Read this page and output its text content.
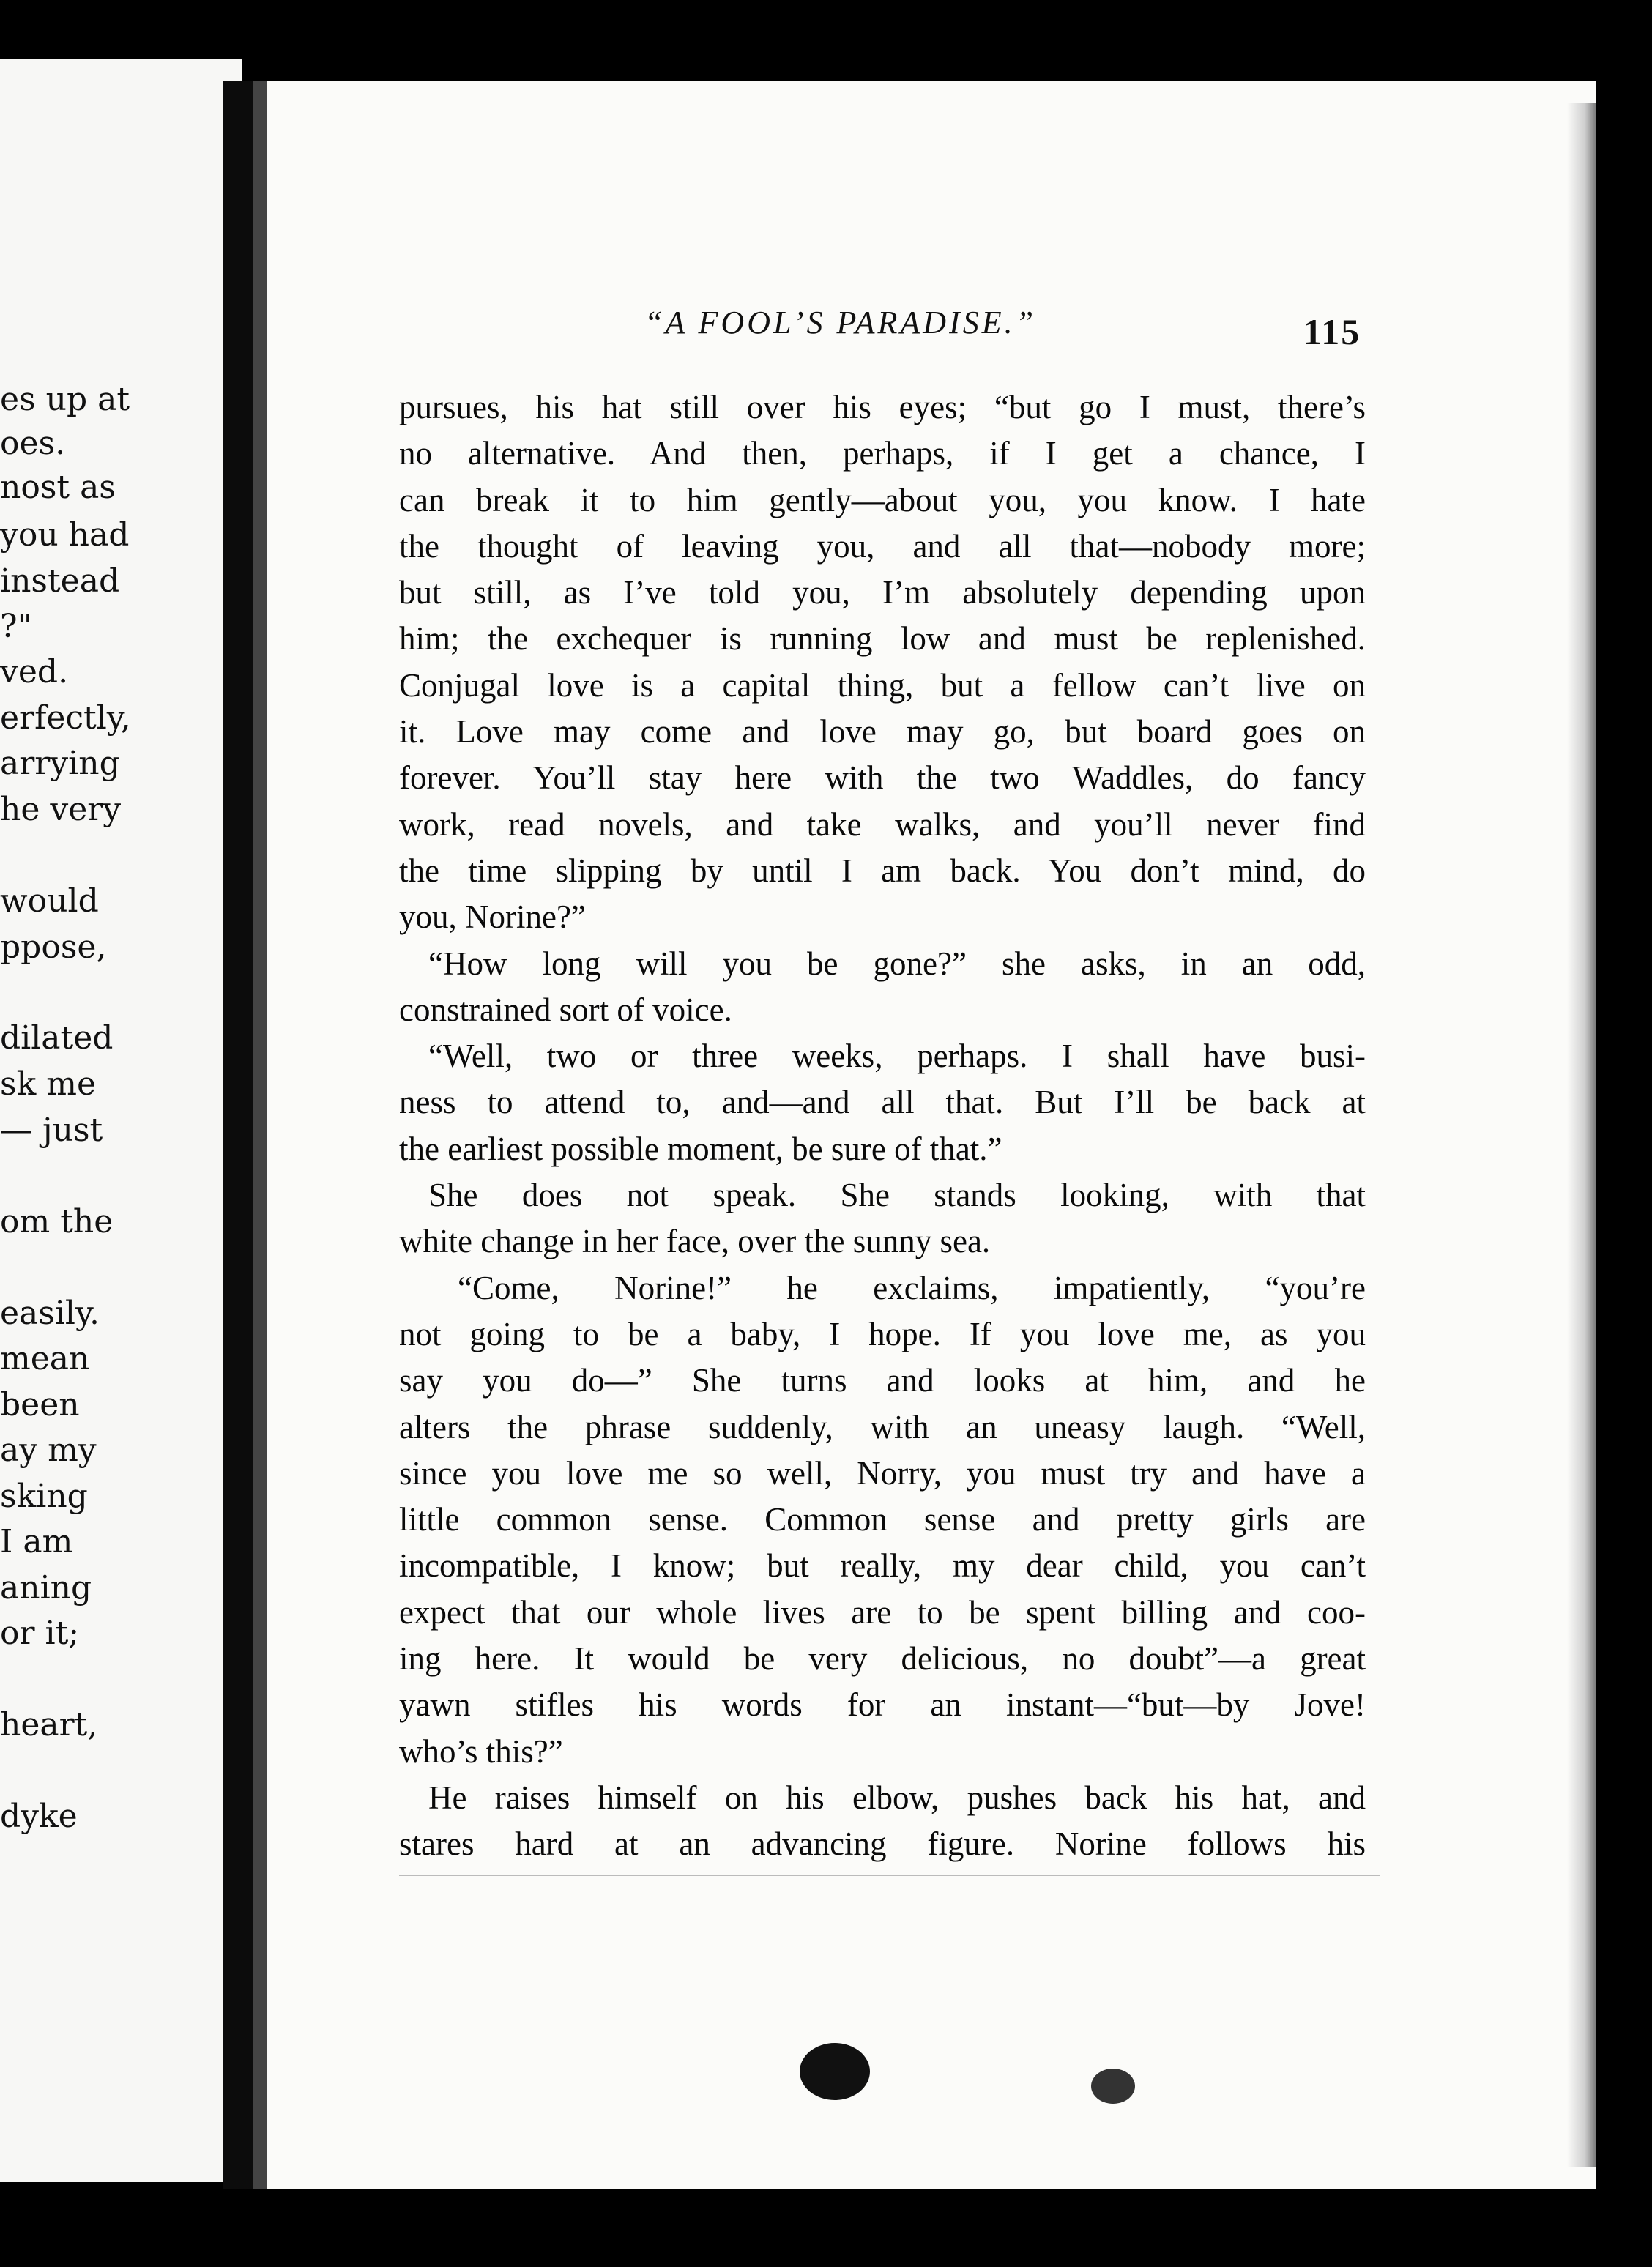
es up at
oes.
nost as
you had
instead
?"
ved.
erfectly,
arrying
he very
would
ppose,
dilated
sk me
— just
om the
easily.
mean
been
ay my
sking
I am
aning
or it;
heart,
dyke
“A FOOL’S PARADISE.”	115
pursues, his hat still over his eyes; “but go I must, there’s
no alternative. And then, perhaps, if I get a chance, I
can break it to him gently—about you, you know. I hate
the thought of leaving you, and all that—nobody more;
but still, as I’ve told you, I’m absolutely depending upon
him; the exchequer is running low and must be replenished.
Conjugal love is a capital thing, but a fellow can’t live on
it. Love may come and love may go, but board goes on
forever. You’ll stay here with the two Waddles, do fancy
work, read novels, and take walks, and you’ll never find
the time slipping by until I am back. You don’t mind, do
you, Norine?”
“How long will you be gone?” she asks, in an odd,
constrained sort of voice.
“Well, two or three weeks, perhaps. I shall have busi-
ness to attend to, and—and all that. But I’ll be back at
the earliest possible moment, be sure of that.”
She does not speak. She stands looking, with that
white change in her face, over the sunny sea.
“Come, Norine!” he exclaims, impatiently, “you’re
not going to be a baby, I hope. If you love me, as you
say you do—” She turns and looks at him, and he
alters the phrase suddenly, with an uneasy laugh. “Well,
since you love me so well, Norry, you must try and have a
little common sense. Common sense and pretty girls are
incompatible, I know; but really, my dear child, you can’t
expect that our whole lives are to be spent billing and coo-
ing here. It would be very delicious, no doubt”—a great
yawn stifles his words for an instant—“but—by Jove!
who’s this?”
He raises himself on his elbow, pushes back his hat, and
stares hard at an advancing figure. Norine follows his
